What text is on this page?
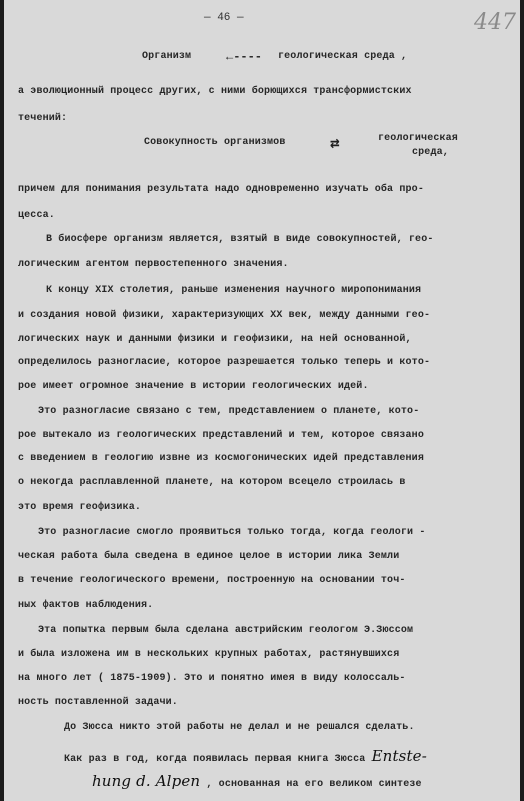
— 46 —	447
Организм	←---- геологическая среда ,
а эволюционный процесс других, с ними борющихся трансформистских
течений:
Совокупность организмов	⇄	геологическая
среда,
причем для понимания результата надо одновременно изучать оба про-
цесса.
В биосфере организм является, взятый в виде совокупностей, гео-
логическим агентом первостепенного значения.
К концу XIX столетия, раньше изменения научного миропонимания
и создания новой физики, характеризующих XX век, между данными гео-
логических наук и данными физики и геофизики, на ней основанной,
определилось разногласие, которое разрешается только теперь и кото-
рое имеет огромное значение в истории геологических идей.
Это разногласие связано с тем, представлением о планете, кото-
рое вытекало из геологических представлений и тем, которое связано
с введением в геологию извне из космогонических идей представления
о некогда расплавленной планете, на котором всецело строилась в
это время геофизика.
Это разногласие смогло проявиться только тогда, когда геологи -
ческая работа была сведена в единое целое в истории лика Земли
в течение геологического времени, построенную на основании точ-
ных фактов наблюдения.
Эта попытка первым была сделана австрийским геологом Э.Зюссом
и была изложена им в нескольких крупных работах, растянувшихся
на много лет ( 1875-1909). Это и понятно имея в виду колоссаль-
ность поставленной задачи.
До Зюсса никто этой работы не делал и не решался сделать.
Как раз в год, когда появилась первая книга Зюсса Entste-
hung d. Alpen , основанная на его великом синтезе
